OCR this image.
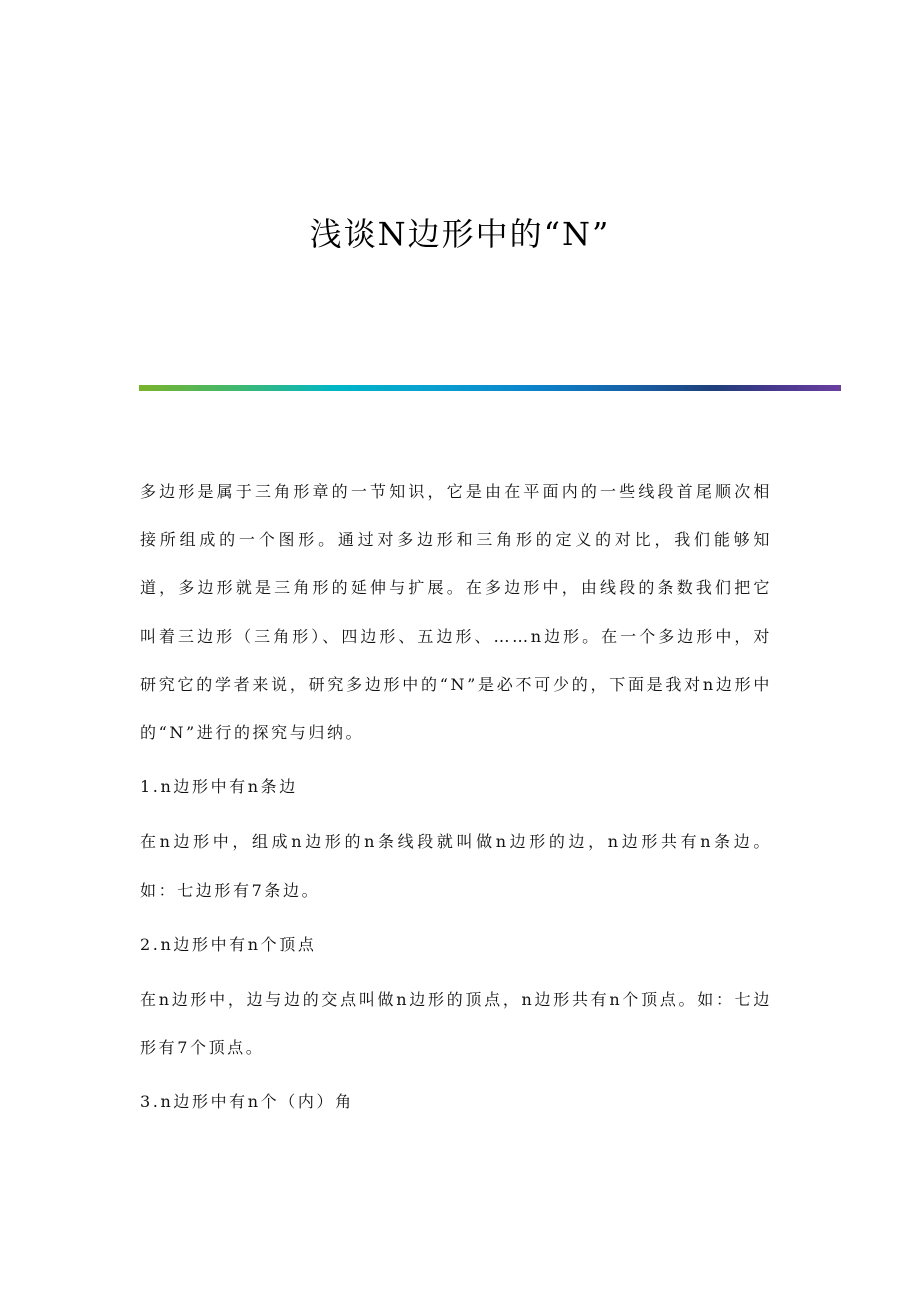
浅谈N边形中的“N”

多边形是属于三角形章的一节知识，它是由在平面内的一些线段首尾顺次相接所组成的一个图形。通过对多边形和三角形的定义的对比，我们能够知道，多边形就是三角形的延伸与扩展。在多边形中，由线段的条数我们把它叫着三边形（三角形）、四边形、五边形、……n边形。在一个多边形中，对研究它的学者来说，研究多边形中的“N”是必不可少的，下面是我对n边形中的“N”进行的探究与归纳。

1.n边形中有n条边

在n边形中，组成n边形的n条线段就叫做n边形的边，n边形共有n条边。如：七边形有7条边。

2.n边形中有n个顶点

在n边形中，边与边的交点叫做n边形的顶点，n边形共有n个顶点。如：七边形有7个顶点。

3.n边形中有n个（内）角
